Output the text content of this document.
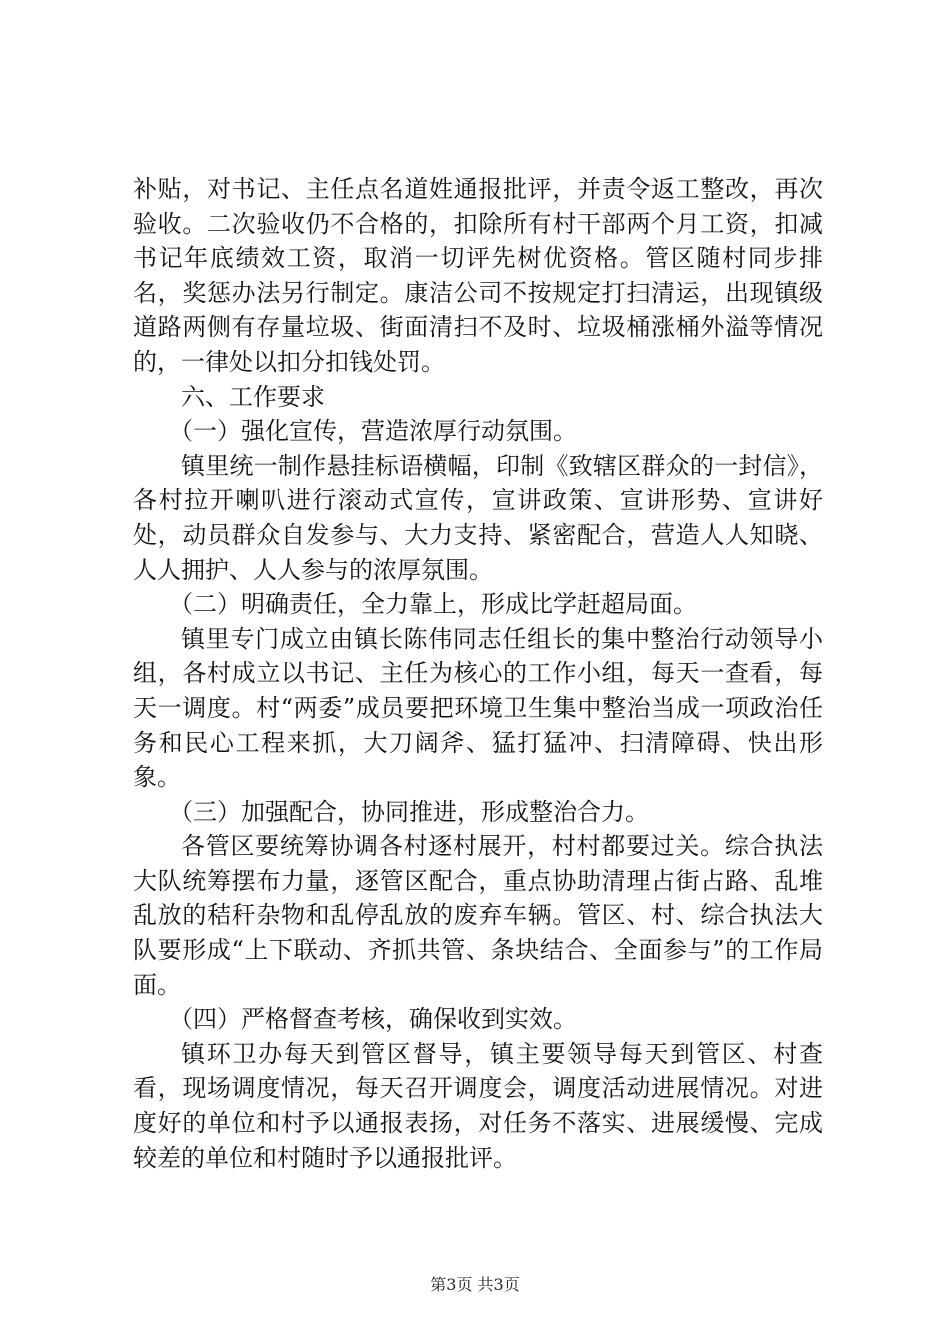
补贴，对书记、主任点名道姓通报批评，并责令返工整改，再次验收。二次验收仍不合格的，扣除所有村干部两个月工资，扣减书记年底绩效工资，取消一切评先树优资格。管区随村同步排名，奖惩办法另行制定。康洁公司不按规定打扫清运，出现镇级道路两侧有存量垃圾、街面清扫不及时、垃圾桶涨桶外溢等情况的，一律处以扣分扣钱处罚。

六、工作要求

（一）强化宣传，营造浓厚行动氛围。

镇里统一制作悬挂标语横幅，印制《致辖区群众的一封信》，各村拉开喇叭进行滚动式宣传，宣讲政策、宣讲形势、宣讲好处，动员群众自发参与、大力支持、紧密配合，营造人人知晓、人人拥护、人人参与的浓厚氛围。

（二）明确责任，全力靠上，形成比学赶超局面。

镇里专门成立由镇长陈伟同志任组长的集中整治行动领导小组，各村成立以书记、主任为核心的工作小组，每天一查看，每天一调度。村“两委”成员要把环境卫生集中整治当成一项政治任务和民心工程来抓，大刀阔斧、猛打猛冲、扫清障碍、快出形象。

（三）加强配合，协同推进，形成整治合力。

各管区要统筹协调各村逐村展开，村村都要过关。综合执法大队统筹摆布力量，逐管区配合，重点协助清理占街占路、乱堆乱放的秸秆杂物和乱停乱放的废弃车辆。管区、村、综合执法大队要形成“上下联动、齐抓共管、条块结合、全面参与”的工作局面。

（四）严格督查考核，确保收到实效。

镇环卫办每天到管区督导，镇主要领导每天到管区、村查看，现场调度情况，每天召开调度会，调度活动进展情况。对进度好的单位和村予以通报表扬，对任务不落实、进展缓慢、完成较差的单位和村随时予以通报批评。

第3页 共3页
